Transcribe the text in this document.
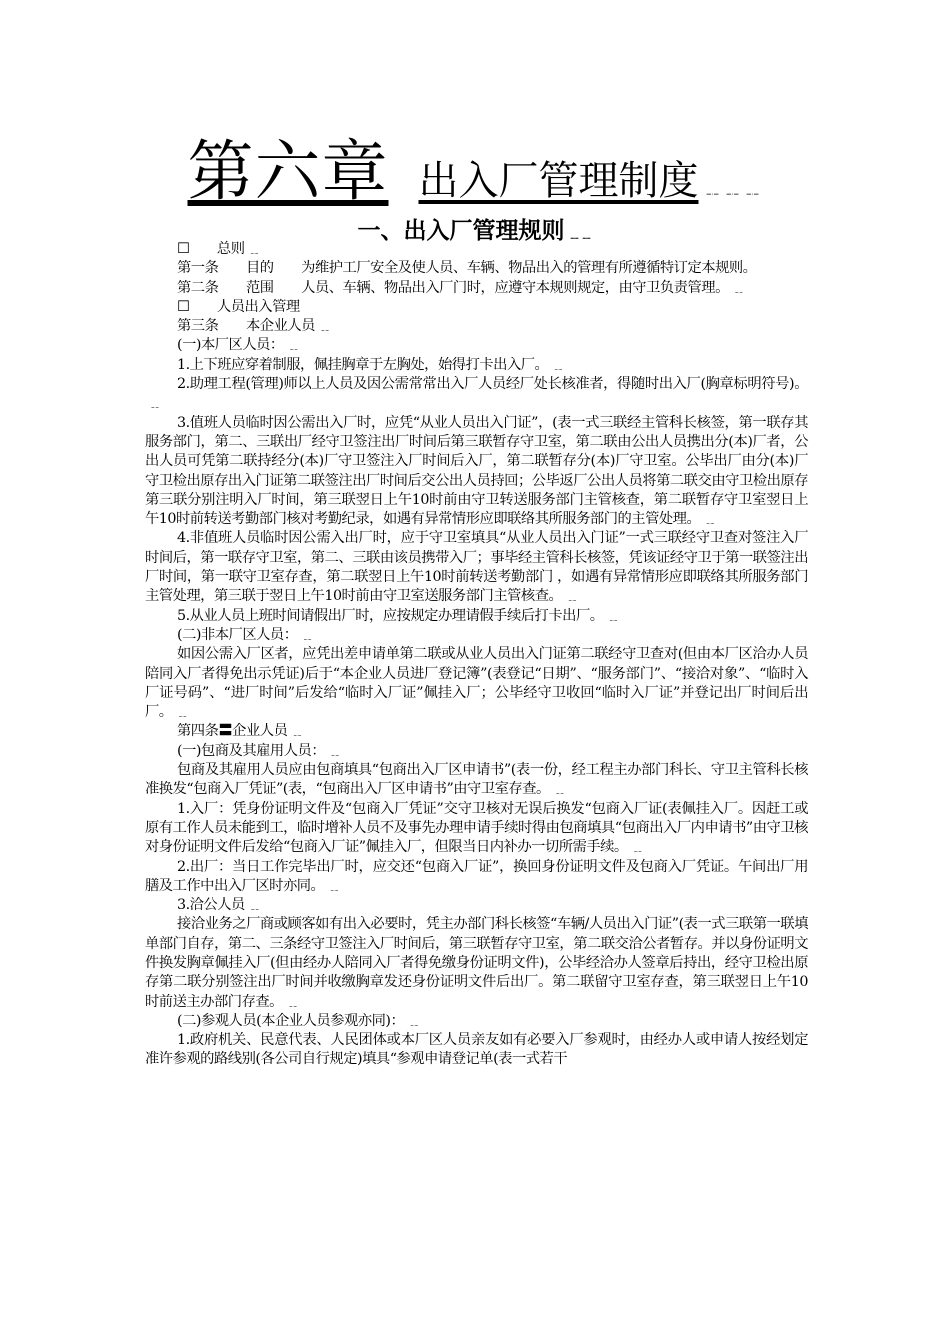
第六章 出入厂管理制度 ﹎﹎﹎
一、出入厂管理规则 ﹎﹎

☐　　总则 ﹎

第一条　　目的　　为维护工厂安全及使人员、车辆、物品出入的管理有所遵循特订定本规则。

第二条　　范围　　人员、车辆、物品出入厂门时，应遵守本规则规定，由守卫负责管理。 ﹎

☐　　人员出入管理

第三条　　本企业人员 ﹎

(一)本厂区人员： ﹎

1.上下班应穿着制服，佩挂胸章于左胸处，始得打卡出入厂。 ﹎

2.助理工程(管理)师以上人员及因公需常常出入厂人员经厂处长核准者，得随时出入厂(胸章标明符号)。﹎

3.值班人员临时因公需出入厂时，应凭“从业人员出入门证”，(表一式三联经主管科长核签，第一联存其服务部门，第二、三联出厂经守卫签注出厂时间后第三联暂存守卫室，第二联由公出人员携出分(本)厂者，公出人员可凭第二联持经分(本)厂守卫签注入厂时间后入厂，第二联暂存分(本)厂守卫室。公毕出厂由分(本)厂守卫检出原存出入门证第二联签注出厂时间后交公出人员持回；公毕返厂公出人员将第二联交由守卫检出原存第三联分别注明入厂时间，第三联翌日上午10时前由守卫转送服务部门主管核查，第二联暂存守卫室翌日上午10时前转送考勤部门核对考勤纪录，如遇有异常情形应即联络其所服务部门的主管处理。 ﹎

4.非值班人员临时因公需入出厂时，应于守卫室填具“从业人员出入门证”一式三联经守卫查对签注入厂时间后，第一联存守卫室，第二、三联由该员携带入厂；事毕经主管科长核签，凭该证经守卫于第一联签注出厂时间，第一联守卫室存查，第二联翌日上午10时前转送考勤部门 ，如遇有异常情形应即联络其所服务部门主管处理，第三联于翌日上午10时前由守卫室送服务部门主管核查。 ﹎

5.从业人员上班时间请假出厂时，应按规定办理请假手续后打卡出厂。 ﹎

(二)非本厂区人员： ﹎

如因公需入厂区者，应凭出差申请单第二联或从业人员出入门证第二联经守卫查对(但由本厂区洽办人员陪同入厂者得免出示凭证)后于“本企业人员进厂登记簿”(表登记“日期”、“服务部门”、“接洽对象”、“临时入厂证号码”、“进厂时间”后发给“临时入厂证”佩挂入厂；公毕经守卫收回“临时入厂证”并登记出厂时间后出厂。 ﹎

第四条〓企业人员 ﹎

(一)包商及其雇用人员： ﹎

包商及其雇用人员应由包商填具“包商出入厂区申请书”(表一份，经工程主办部门科长、守卫主管科长核准换发“包商入厂凭证”(表，“包商出入厂区申请书”由守卫室存查。 ﹎

1.入厂：凭身份证明文件及“包商入厂凭证”交守卫核对无误后换发“包商入厂证(表佩挂入厂。因赶工或原有工作人员未能到工，临时增补人员不及事先办理申请手续时得由包商填具“包商出入厂内申请书”由守卫核对身份证明文件后发给“包商入厂证”佩挂入厂，但限当日内补办一切所需手续。 ﹎

2.出厂：当日工作完毕出厂时，应交还“包商入厂证”，换回身份证明文件及包商入厂凭证。午间出厂用膳及工作中出入厂区时亦同。 ﹎

3.洽公人员 ﹎

接洽业务之厂商或顾客如有出入必要时，凭主办部门科长核签“车辆/人员出入门证”(表一式三联第一联填单部门自存，第二、三条经守卫签注入厂时间后，第三联暂存守卫室，第二联交洽公者暂存。并以身份证明文件换发胸章佩挂入厂(但由经办人陪同入厂者得免缴身份证明文件)，公毕经洽办人签章后持出，经守卫检出原存第二联分别签注出厂时间并收缴胸章发还身份证明文件后出厂。第二联留守卫室存查，第三联翌日上午10时前送主办部门存查。 ﹎

(二)参观人员(本企业人员参观亦同)： ﹎

1.政府机关、民意代表、人民团体或本厂区人员亲友如有必要入厂参观时，由经办人或申请人按经划定准许参观的路线别(各公司自行规定)填具“参观申请登记单(表一式若干
